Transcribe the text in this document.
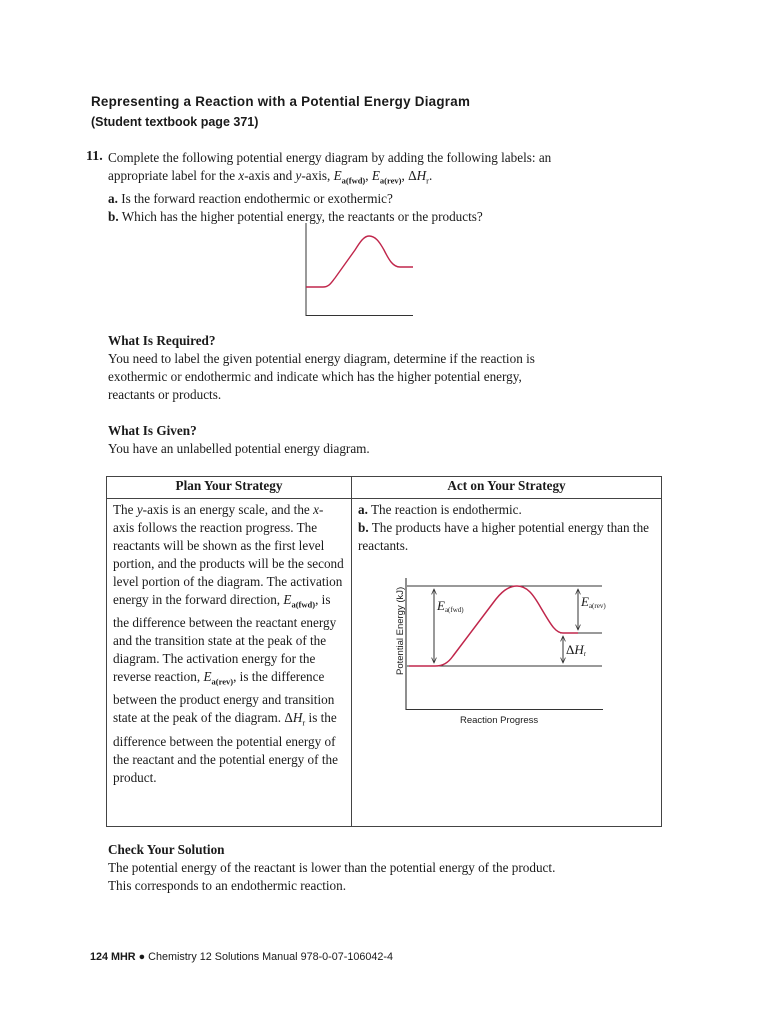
Representing a Reaction with a Potential Energy Diagram
(Student textbook page 371)
11. Complete the following potential energy diagram by adding the following labels: an
appropriate label for the x-axis and y-axis, $E_{a(fwd)}$, $E_{a(rev)}$, $\Delta H_r$.
a. Is the forward reaction endothermic or exothermic?
b. Which has the higher potential energy, the reactants or the products?
What Is Required?
You need to label the given potential energy diagram, determine if the reaction is
exothermic or endothermic and indicate which has the higher potential energy,
reactants or products.
What Is Given?
You have an unlabelled potential energy diagram.
Plan Your Strategy	Act on Your Strategy
The y-axis is an energy scale, and the x- axis follows the reaction progress. The reactants will be shown as the first level portion, and the products will be the second level portion of the diagram. The activation energy in the forward direction, $E_{a(fwd)}$, is the difference between the reactant energy and the transition state at the peak of the diagram. The activation energy for the reverse reaction, $E_{a(rev)}$, is the difference between the product energy and transition state at the peak of the diagram. $\Delta H_r$ is the difference between the potential energy of the reactant and the potential energy of the product.	a. The reaction is endothermic.
b. The products have a higher potential energy than the reactants.
Ea(fwd)
Ea(rev)
ΔHr
Reaction Progress
Potential Energy (kJ)
Check Your Solution
The potential energy of the reactant is lower than the potential energy of the product.
This corresponds to an endothermic reaction.
124 MHR ● Chemistry 12 Solutions Manual 978-0-07-106042-4
